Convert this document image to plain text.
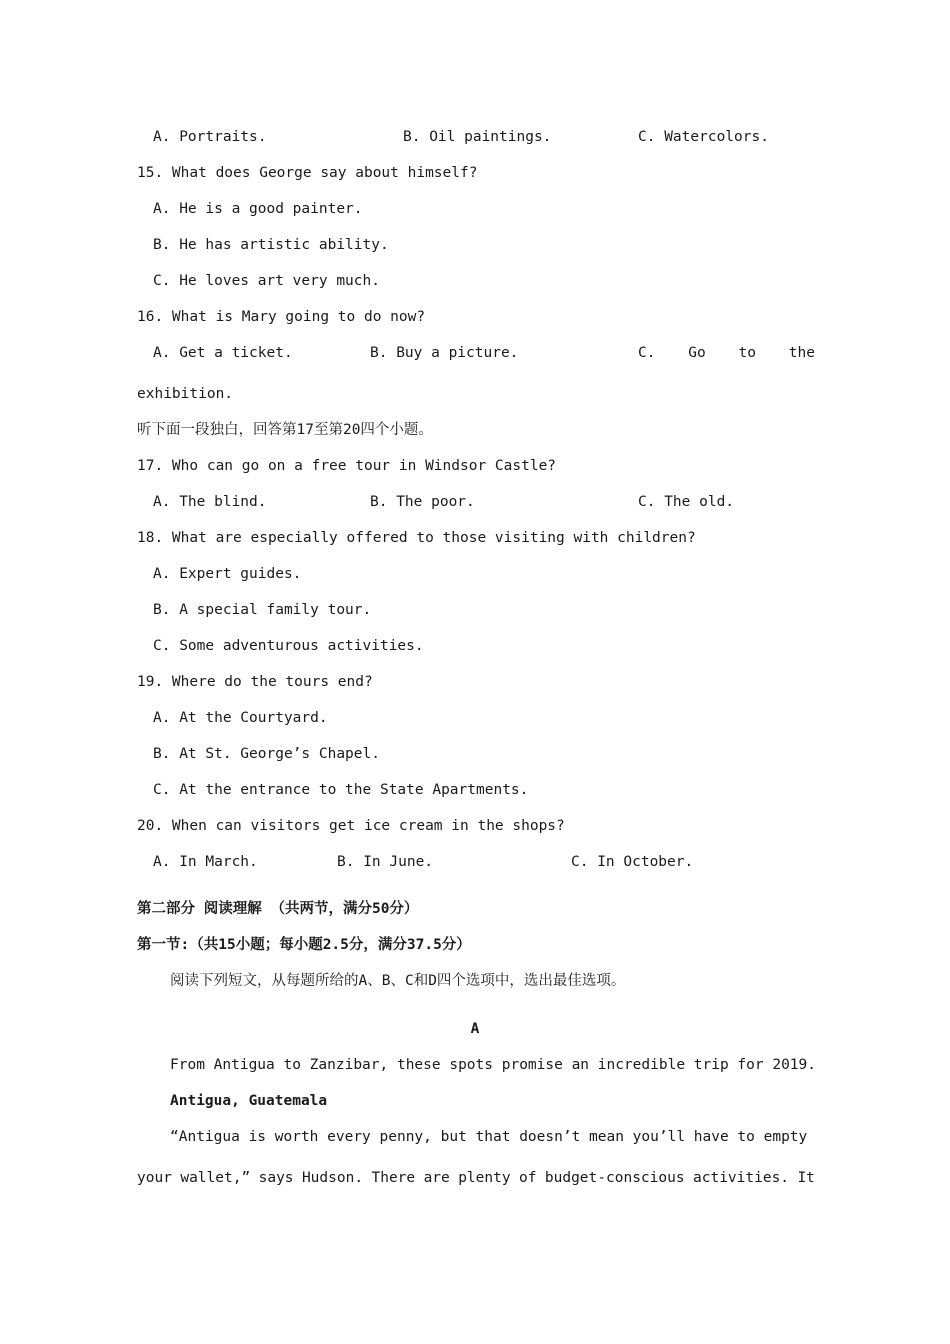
A. Portraits.	B. Oil paintings.	C. Watercolors.
15. What does George say about himself?
A. He is a good painter.
B. He has artistic ability.
C. He loves art very much.
16. What is Mary going to do now?
A. Get a ticket.	B. Buy a picture.	C. Go to the
exhibition.
听下面一段独白，回答第17至第20四个小题。
17. Who can go on a free tour in Windsor Castle?
A. The blind.	B. The poor.	C. The old.
18. What are especially offered to those visiting with children?
A. Expert guides.
B. A special family tour.
C. Some adventurous activities.
19. Where do the tours end?
A. At the Courtyard.
B. At St. George’s Chapel.
C. At the entrance to the State Apartments.
20. When can visitors get ice cream in the shops?
A. In March.	B. In June.	C. In October.
第二部分 阅读理解 （共两节，满分50分）
第一节:（共15小题；每小题2.5分，满分37.5分）
阅读下列短文，从每题所给的A、B、C和D四个选项中，选出最佳选项。
A
From Antigua to Zanzibar, these spots promise an incredible trip for 2019.
Antigua, Guatemala
“Antigua is worth every penny, but that doesn’t mean you’ll have to empty
your wallet,” says Hudson. There are plenty of budget-conscious activities. It
